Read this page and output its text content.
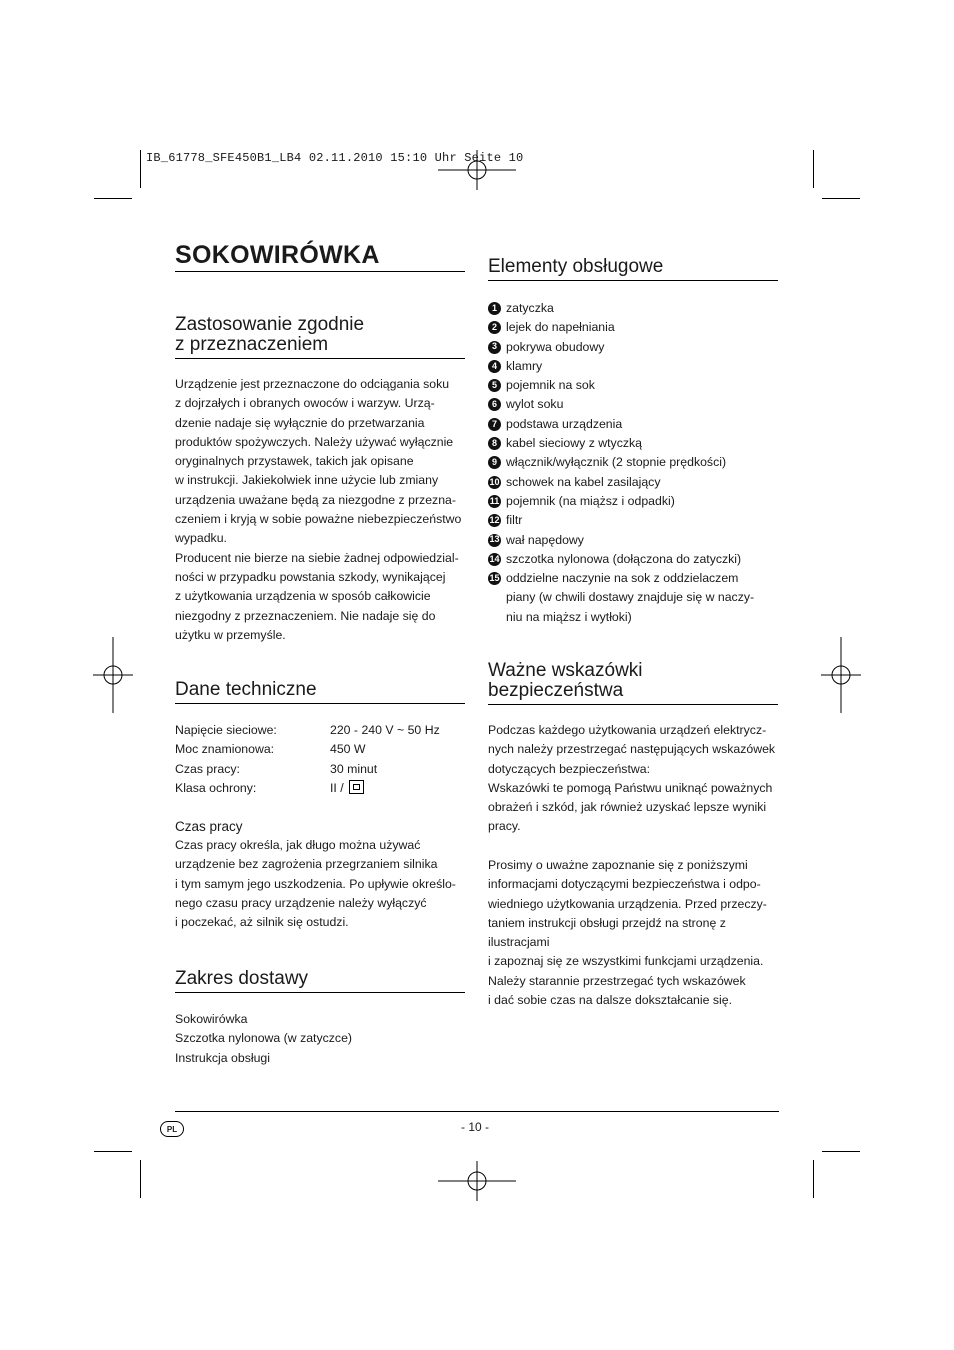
IB_61778_SFE450B1_LB4 02.11.2010 15:10 Uhr Seite 10
SOKOWIRÓWKA
Zastosowanie zgodnie
z przeznaczeniem
Urządzenie jest przeznaczone do odciągania soku
z dojrzałych i obranych owoców i warzyw. Urzą-
dzenie nadaje się wyłącznie do przetwarzania
produktów spożywczych. Należy używać wyłącznie
oryginalnych przystawek, takich jak opisane
w instrukcji. Jakiekolwiek inne użycie lub zmiany
urządzenia uważane będą za niezgodne z przezna-
czeniem i kryją w sobie poważne niebezpieczeństwo
wypadku.
Producent nie bierze na siebie żadnej odpowiedzial-
ności w przypadku powstania szkody, wynikającej
z użytkowania urządzenia w sposób całkowicie
niezgodny z przeznaczeniem. Nie nadaje się do
użytku w przemyśle.
Dane techniczne
Napięcie sieciowe:	220 - 240 V ~ 50 Hz
Moc znamionowa:	450 W
Czas pracy:	30 minut
Klasa ochrony:	II /
Czas pracy
Czas pracy określa, jak długo można używać
urządzenie bez zagrożenia przegrzaniem silnika
i tym samym jego uszkodzenia. Po upływie określo-
nego czasu pracy urządzenie należy wyłączyć
i poczekać, aż silnik się ostudzi.
Zakres dostawy
Sokowirówka
Szczotka nylonowa (w zatyczce)
Instrukcja obsługi
Elementy obsługowe
1 zatyczka
2 lejek do napełniania
3 pokrywa obudowy
4 klamry
5 pojemnik na sok
6 wylot soku
7 podstawa urządzenia
8 kabel sieciowy z wtyczką
9 włącznik/wyłącznik (2 stopnie prędkości)
10 schowek na kabel zasilający
11 pojemnik (na miąższ i odpadki)
12 filtr
13 wał napędowy
14 szczotka nylonowa (dołączona do zatyczki)
15 oddzielne naczynie na sok z oddzielaczem
piany (w chwili dostawy znajduje się w naczy-
niu na miąższ i wytłoki)
Ważne wskazówki
bezpieczeństwa
Podczas każdego użytkowania urządzeń elektrycz-
nych należy przestrzegać następujących wskazówek
dotyczących bezpieczeństwa:
Wskazówki te pomogą Państwu uniknąć poważnych
obrażeń i szkód, jak również uzyskać lepsze wyniki
pracy.
Prosimy o uważne zapoznanie się z poniższymi
informacjami dotyczącymi bezpieczeństwa i odpo-
wiedniego użytkowania urządzenia. Przed przeczy-
taniem instrukcji obsługi przejdź na stronę z ilustracjami
i zapoznaj się ze wszystkimi funkcjami urządzenia.
Należy starannie przestrzegać tych wskazówek
i dać sobie czas na dalsze dokształcanie się.
PL	- 10 -
